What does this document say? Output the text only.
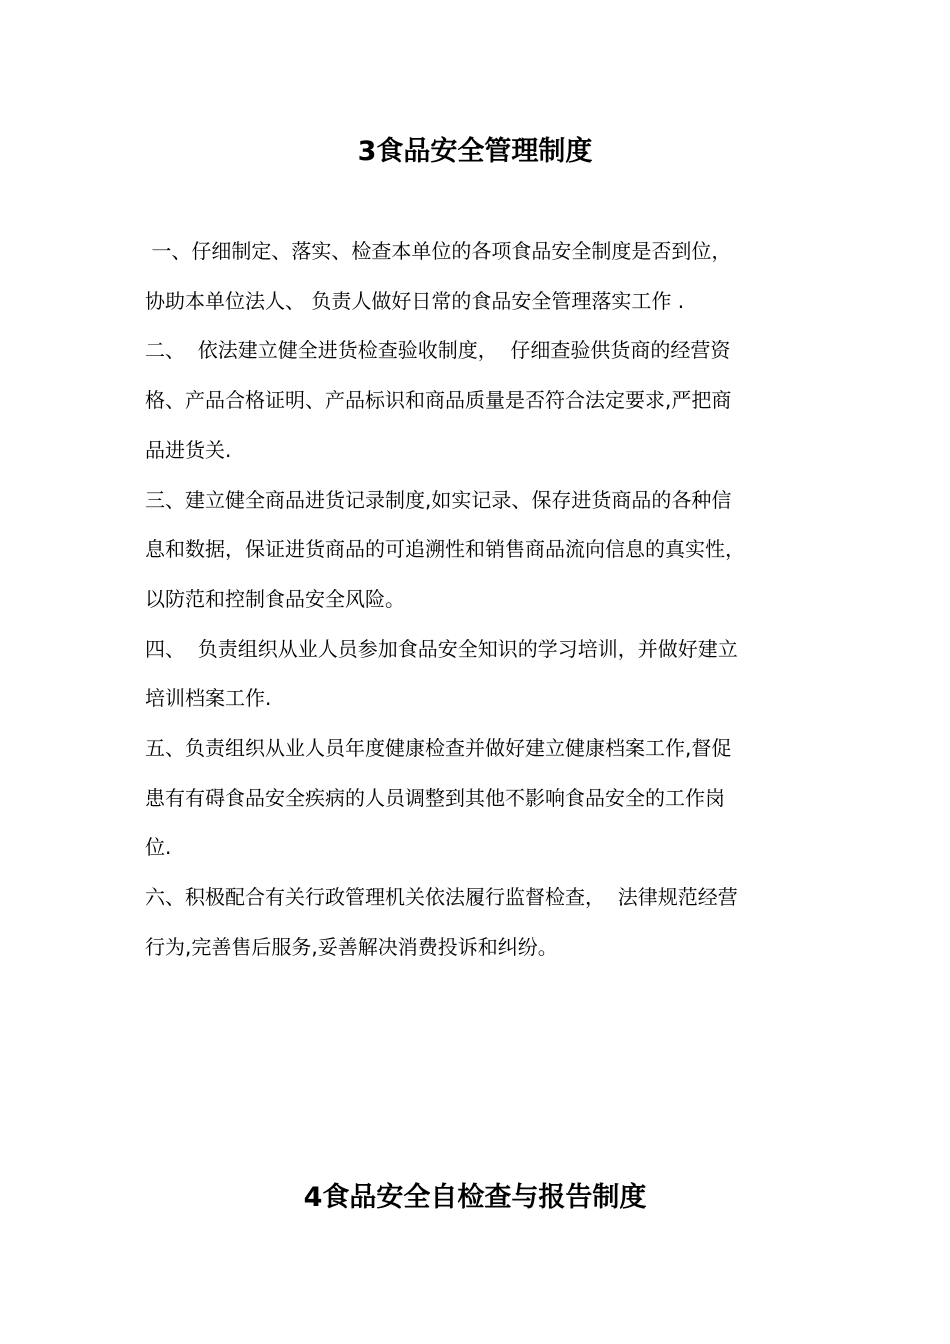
3食品安全管理制度

一、仔细制定、落实、检查本单位的各项食品安全制度是否到位，

协助本单位法人、 负责人做好日常的食品安全管理落实工作 .

二、  依法建立健全进货检查验收制度，  仔细查验供货商的经营资

格、产品合格证明、产品标识和商品质量是否符合法定要求,严把商

品进货关.

三、建立健全商品进货记录制度,如实记录、保存进货商品的各种信

息和数据，保证进货商品的可追溯性和销售商品流向信息的真实性，

以防范和控制食品安全风险。

四、  负责组织从业人员参加食品安全知识的学习培训，并做好建立

培训档案工作.

五、负责组织从业人员年度健康检查并做好建立健康档案工作,督促

患有有碍食品安全疾病的人员调整到其他不影响食品安全的工作岗

位.

六、积极配合有关行政管理机关依法履行监督检查，  法律规范经营

行为,完善售后服务,妥善解决消费投诉和纠纷。

4食品安全自检查与报告制度
